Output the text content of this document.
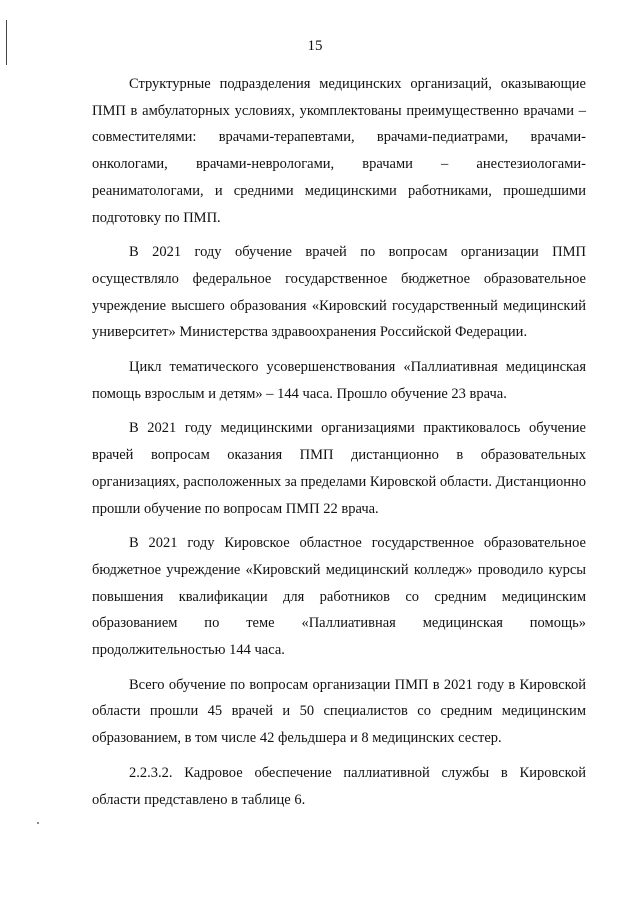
15

Структурные подразделения медицинских организаций, оказывающие ПМП в амбулаторных условиях, укомплектованы преимущественно врачами – совместителями: врачами-терапевтами, врачами-педиатрами, врачами-онкологами, врачами-неврологами, врачами – анестезиологами-реаниматологами, и средними медицинскими работниками, прошедшими подготовку по ПМП.

В 2021 году обучение врачей по вопросам организации ПМП осуществляло федеральное государственное бюджетное образовательное учреждение высшего образования «Кировский государственный медицинский университет» Министерства здравоохранения Российской Федерации.

Цикл тематического усовершенствования «Паллиативная медицинская помощь взрослым и детям» – 144 часа. Прошло обучение 23 врача.

В 2021 году медицинскими организациями практиковалось обучение врачей вопросам оказания ПМП дистанционно в образовательных организациях, расположенных за пределами Кировской области. Дистанционно прошли обучение по вопросам ПМП 22 врача.

В 2021 году Кировское областное государственное образовательное бюджетное учреждение «Кировский медицинский колледж» проводило курсы повышения квалификации для работников со средним медицинским образованием по теме «Паллиативная медицинская помощь» продолжительностью 144 часа.

Всего обучение по вопросам организации ПМП в 2021 году в Кировской области прошли 45 врачей и 50 специалистов со средним медицинским образованием, в том числе 42 фельдшера и 8 медицинских сестер.

2.2.3.2. Кадровое обеспечение паллиативной службы в Кировской области представлено в таблице 6.
